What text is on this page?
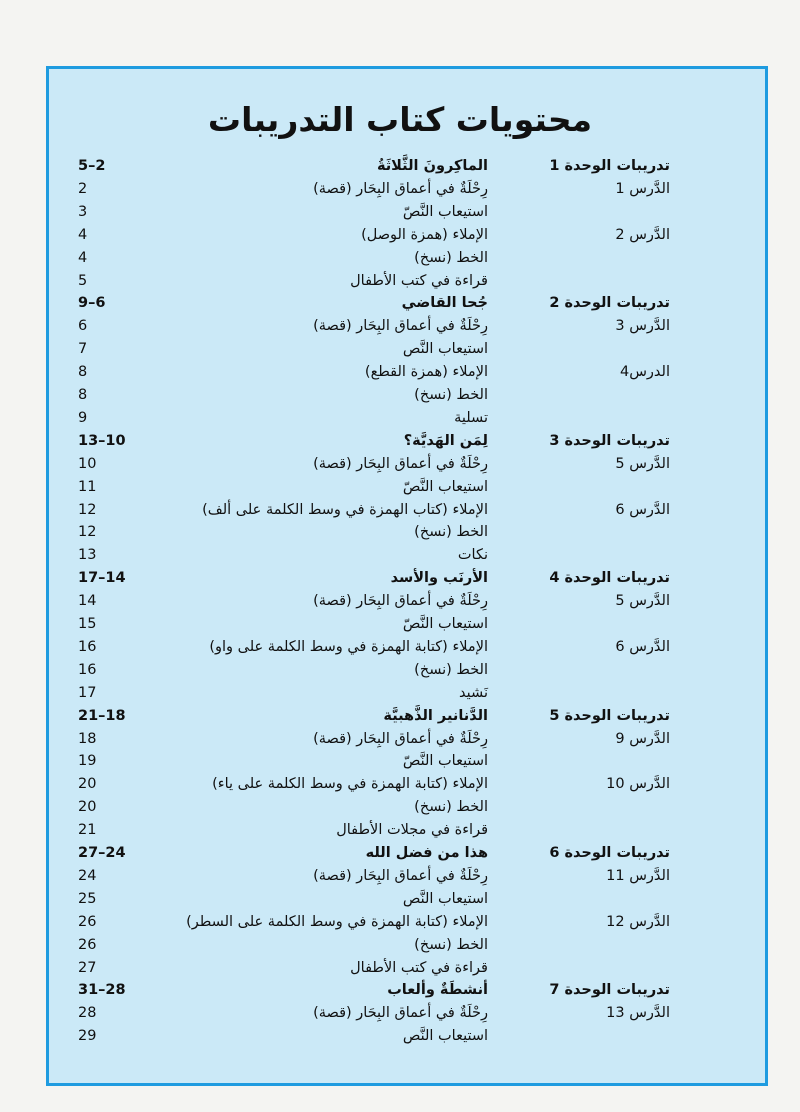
محتويات كتاب التدريبات
تدريبات الوحدة 1
الماكِرونَ الثَّلاثَةُ
5–2
الدَّرس 1
رِحْلَةٌ في أعماق البِحَار (قصة)
2
استيعاب النَّصّ
3
الدَّرس 2
الإملاء (همزة الوصل)
4
الخط (نسخ)
4
قراءة في كتب الأطفال
5
تدريبات الوحدة 2
جُحا القاضي
9–6
الدَّرس 3
رِحْلَةٌ في أعماق البِحَار (قصة)
6
استيعاب النَّص
7
الدرس4
الإملاء (همزة القطع)
8
الخط (نسخ)
8
تسلية
9
تدريبات الوحدة 3
لِمَن الهَديَّة؟
13–10
الدَّرس 5
رِحْلَةٌ في أعماق البِحَار (قصة)
10
استيعاب النَّصّ
11
الدَّرس 6
الإملاء (كتاب الهمزة في وسط الكلمة على ألف)
12
الخط (نسخ)
12
نكات
13
تدريبات الوحدة 4
الأرنَب والأسد
17–14
الدَّرس 5
رِحْلَةٌ في أعماق البِحَار (قصة)
14
استيعاب النَّصّ
15
الدَّرس 6
الإملاء (كتابة الهمزة في وسط الكلمة على واو)
16
الخط (نسخ)
16
نَشيد
17
تدريبات الوحدة 5
الدَّنانير الذَّهبيَّة
21–18
الدَّرس 9
رِحْلَةٌ في أعماق البِحَار (قصة)
18
استيعاب النَّصّ
19
الدَّرس 10
الإملاء (كتابة الهمزة في وسط الكلمة على ياء)
20
الخط (نسخ)
20
قراءة في مجلات الأطفال
21
تدريبات الوحدة 6
هذا من فضل الله
27–24
الدَّرس 11
رِحْلَةٌ في أعماق البِحَار (قصة)
24
استيعاب النَّص
25
الدَّرس 12
الإملاء (كتابة الهمزة في وسط الكلمة على السطر)
26
الخط (نسخ)
26
قراءة في كتب الأطفال
27
تدريبات الوحدة 7
أنشطَةٌ وألعاب
31–28
الدَّرس 13
رِحْلَةٌ في أعماق البِحَار (قصة)
28
استيعاب النَّص
29
